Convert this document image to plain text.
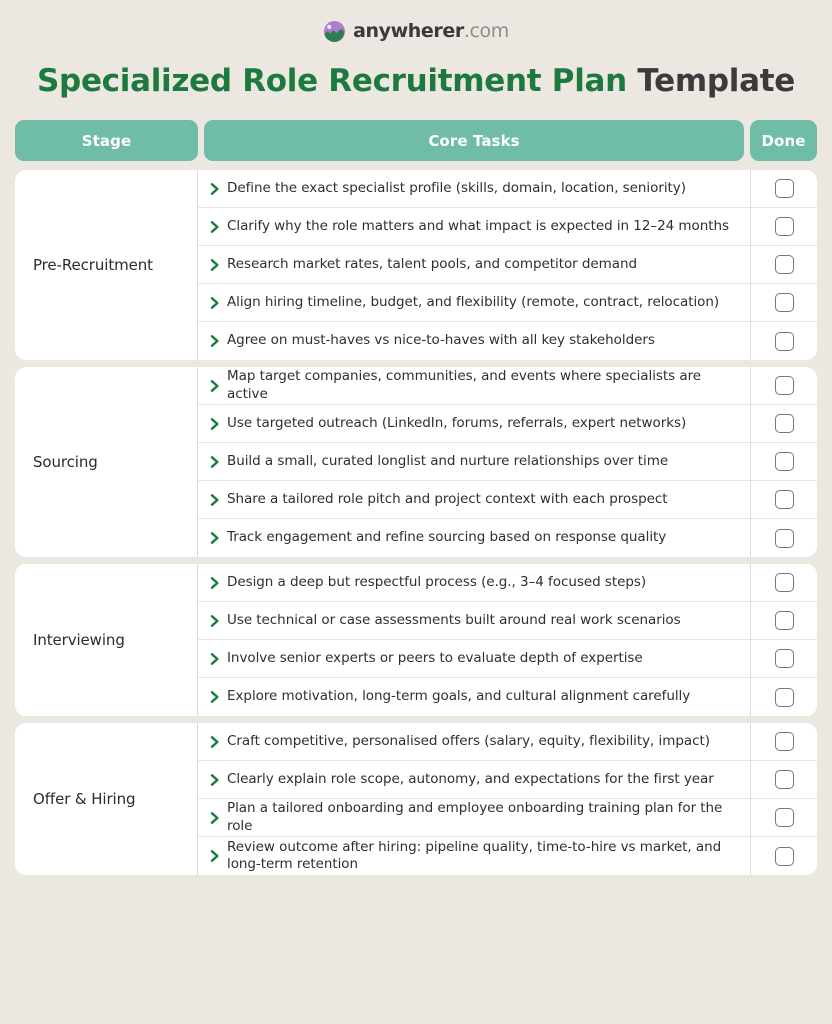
anywherer .com
Specialized Role Recruitment Plan Template
Stage	Core Tasks	Done
Pre-Recruitment
Define the exact specialist profile (skills, domain, location, seniority)
Clarify why the role matters and what impact is expected in 12–24 months
Research market rates, talent pools, and competitor demand
Align hiring timeline, budget, and flexibility (remote, contract, relocation)
Agree on must-haves vs nice-to-haves with all key stakeholders
Sourcing
Map target companies, communities, and events where specialists are active
Use targeted outreach (LinkedIn, forums, referrals, expert networks)
Build a small, curated longlist and nurture relationships over time
Share a tailored role pitch and project context with each prospect
Track engagement and refine sourcing based on response quality
Interviewing
Design a deep but respectful process (e.g., 3–4 focused steps)
Use technical or case assessments built around real work scenarios
Involve senior experts or peers to evaluate depth of expertise
Explore motivation, long-term goals, and cultural alignment carefully
Offer & Hiring
Craft competitive, personalised offers (salary, equity, flexibility, impact)
Clearly explain role scope, autonomy, and expectations for the first year
Plan a tailored onboarding and employee onboarding training plan for the role
Review outcome after hiring: pipeline quality, time-to-hire vs market, and long-term retention
